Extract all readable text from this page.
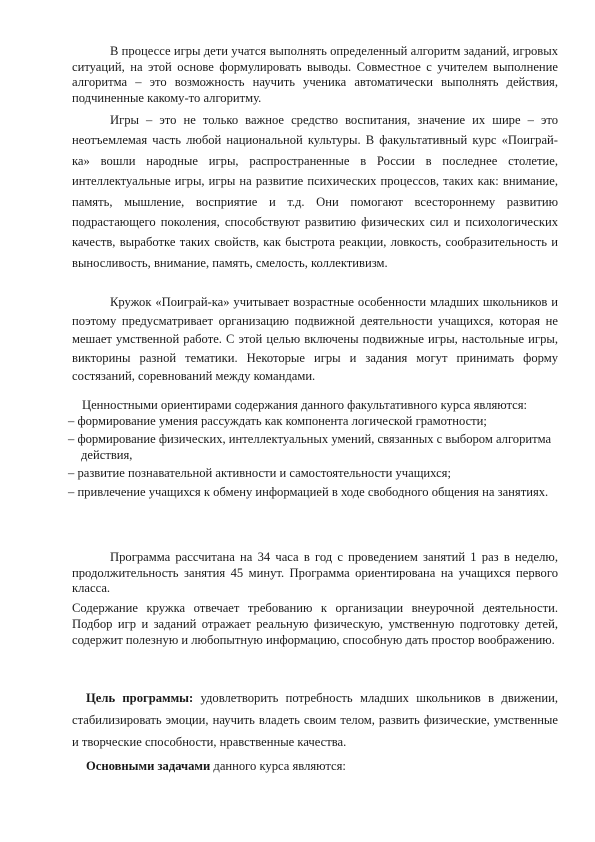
В процессе игры дети учатся выполнять определенный алгоритм заданий, игровых ситуаций, на этой основе формулировать выводы. Совместное с учителем выполнение алгоритма – это возможность научить ученика автоматически выполнять действия, подчиненные какому-то алгоритму.

Игры – это не только важное средство воспитания, значение их шире – это неотъемлемая часть любой национальной культуры. В факультативный курс «Поиграй-ка» вошли народные игры, распространенные в России в последнее столетие, интеллектуальные игры, игры на развитие психических процессов, таких как: внимание, память, мышление, восприятие и т.д. Они помогают всестороннему развитию подрастающего поколения, способствуют развитию физических сил и психологических качеств, выработке таких свойств, как быстрота реакции, ловкость, сообразительность и выносливость, внимание, память, смелость, коллективизм.

Кружок «Поиграй-ка» учитывает возрастные особенности младших школьников и поэтому предусматривает организацию подвижной деятельности учащихся, которая не мешает умственной работе. С этой целью включены подвижные игры, настольные игры, викторины разной тематики. Некоторые игры и задания могут принимать форму состязаний, соревнований между командами.

Ценностными ориентирами содержания данного факультативного курса являются:

– формирование умения рассуждать как компонента логической грамотности;
– формирование физических, интеллектуальных умений, связанных с выбором алгоритма действия,
– развитие познавательной активности и самостоятельности учащихся;
– привлечение учащихся к обмену информацией в ходе свободного общения на занятиях.

Программа рассчитана на 34 часа в год с проведением занятий 1 раз в неделю, продолжительность занятия 45 минут. Программа ориентирована на учащихся первого класса.

Содержание кружка отвечает требованию к организации внеурочной деятельности. Подбор игр и заданий отражает реальную физическую, умственную подготовку детей, содержит полезную и любопытную информацию, способную дать простор воображению.

Цель программы: удовлетворить потребность младших школьников в движении, стабилизировать эмоции, научить владеть своим телом, развить физические, умственные и творческие способности, нравственные качества.

Основными задачами данного курса являются:
